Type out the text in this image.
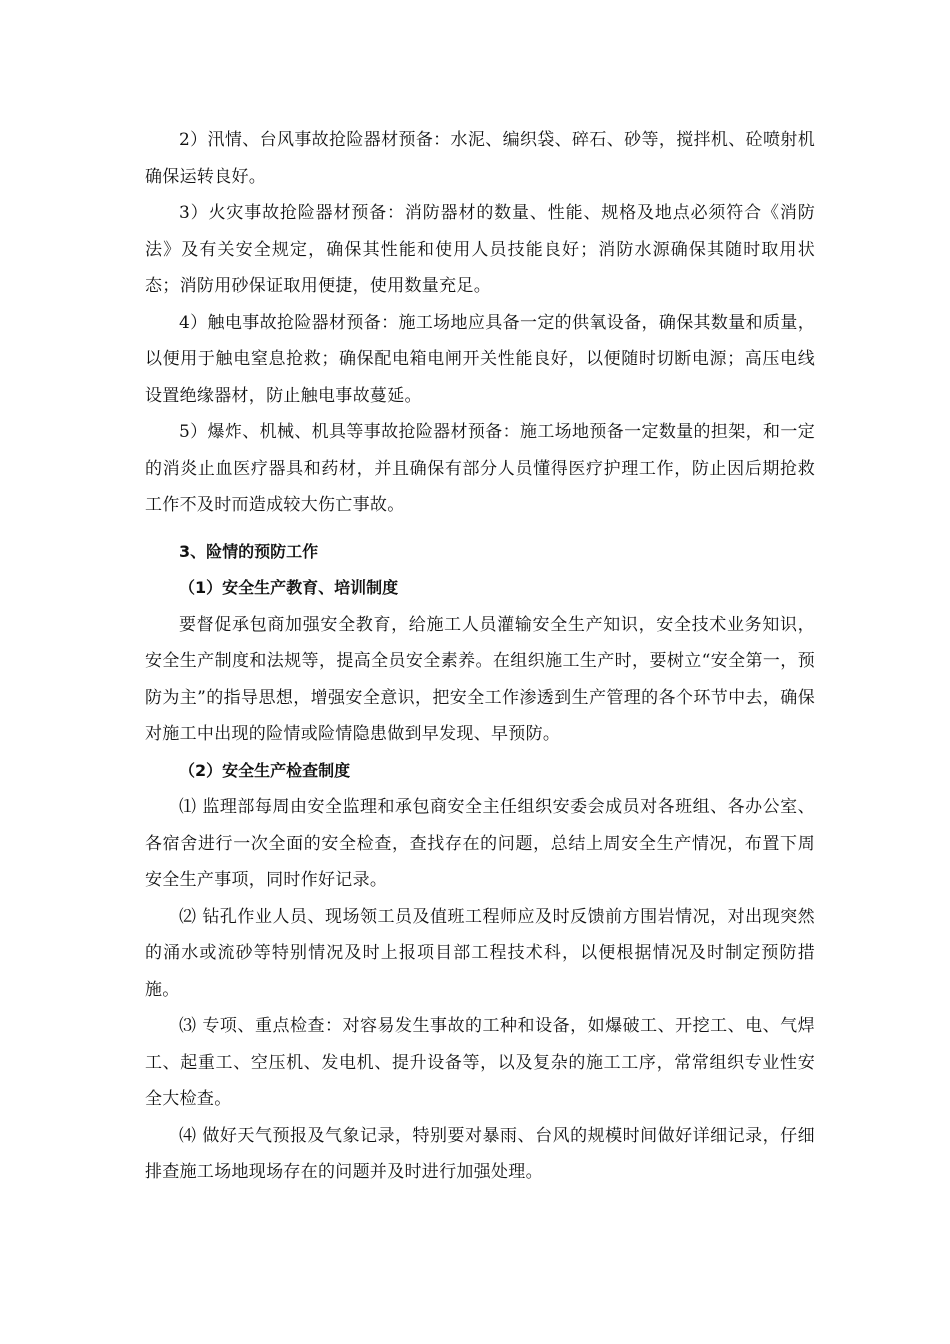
2）汛情、台风事故抢险器材预备：水泥、编织袋、碎石、砂等，搅拌机、砼喷射机确保运转良好。

3）火灾事故抢险器材预备：消防器材的数量、性能、规格及地点必须符合《消防法》及有关安全规定，确保其性能和使用人员技能良好；消防水源确保其随时取用状态；消防用砂保证取用便捷，使用数量充足。

4）触电事故抢险器材预备：施工场地应具备一定的供氧设备，确保其数量和质量，以便用于触电窒息抢救；确保配电箱电闸开关性能良好，以便随时切断电源；高压电线设置绝缘器材，防止触电事故蔓延。

5）爆炸、机械、机具等事故抢险器材预备：施工场地预备一定数量的担架，和一定的消炎止血医疗器具和药材，并且确保有部分人员懂得医疗护理工作，防止因后期抢救工作不及时而造成较大伤亡事故。

3、险情的预防工作

（1）安全生产教育、培训制度

要督促承包商加强安全教育，给施工人员灌输安全生产知识，安全技术业务知识，安全生产制度和法规等，提高全员安全素养。在组织施工生产时，要树立“安全第一，预防为主”的指导思想，增强安全意识，把安全工作渗透到生产管理的各个环节中去，确保对施工中出现的险情或险情隐患做到早发现、早预防。

（2）安全生产检查制度

⑴ 监理部每周由安全监理和承包商安全主任组织安委会成员对各班组、各办公室、各宿舍进行一次全面的安全检查，查找存在的问题，总结上周安全生产情况，布置下周安全生产事项，同时作好记录。

⑵ 钻孔作业人员、现场领工员及值班工程师应及时反馈前方围岩情况，对出现突然的涌水或流砂等特别情况及时上报项目部工程技术科，以便根据情况及时制定预防措施。

⑶ 专项、重点检查：对容易发生事故的工种和设备，如爆破工、开挖工、电、气焊工、起重工、空压机、发电机、提升设备等，以及复杂的施工工序，常常组织专业性安全大检查。

⑷ 做好天气预报及气象记录，特别要对暴雨、台风的规模时间做好详细记录，仔细排查施工场地现场存在的问题并及时进行加强处理。
